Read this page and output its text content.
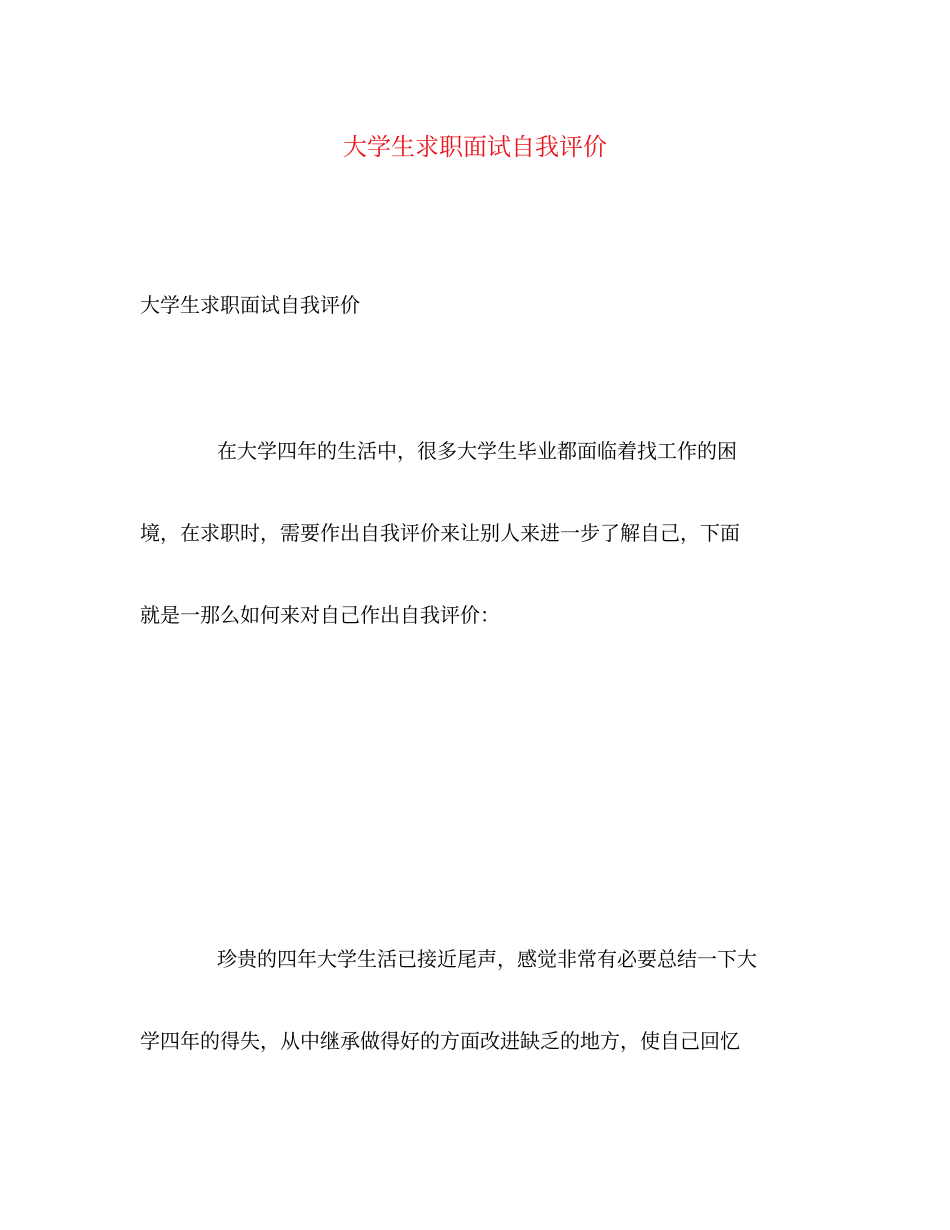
大学生求职面试自我评价

大学生求职面试自我评价

在大学四年的生活中，很多大学生毕业都面临着找工作的困
境，在求职时，需要作出自我评价来让别人来进一步了解自己，下面
就是一那么如何来对自己作出自我评价：
珍贵的四年大学生活已接近尾声，感觉非常有必要总结一下大
学四年的得失，从中继承做得好的方面改进缺乏的地方，使自己回忆
